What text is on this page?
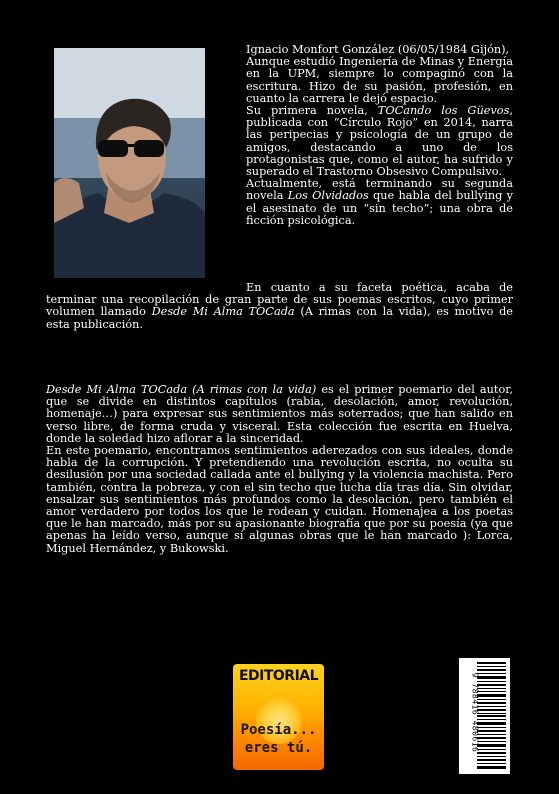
Ignacio Monfort González (06/05/1984 Gijón),

Aunque estudió Ingeniería de Minas y Energía en la UPM, siempre lo compaginó con la escritura. Hizo de su pasión, profesión, en cuanto la carrera le dejó espacio.

Su primera novela, TOCando los Güevos, publicada con “Círculo Rojo” en 2014, narra las peripecias y psicología de un grupo de amigos, destacando a uno de los protagonistas que, como el autor, ha sufrido y superado el Trastorno Obsesivo Compulsivo.

Actualmente, está terminando su segunda novela Los Olvidados que habla del bullying y el asesinato de un “sin techo”; una obra de ficción psicológica.

En cuanto a su faceta poética, acaba de terminar una recopilación de gran parte de sus poemas escritos, cuyo primer volumen llamado Desde Mi Alma TOCada (A rimas con la vida), es motivo de esta publicación.

Desde Mi Alma TOCada (A rimas con la vida) es el primer poemario del autor, que se divide en distintos capítulos (rabia, desolación, amor, revolución, homenaje…) para expresar sus sentimientos más soterrados; que han salido en verso libre, de forma cruda y visceral. Esta colección fue escrita en Huelva, donde la soledad hizo aflorar a la sinceridad.

En este poemario, encontramos sentimientos aderezados con sus ideales, donde habla de la corrupción. Y pretendiendo una revolución escrita, no oculta su desilusión por una sociedad callada ante el bullying y la violencia machista. Pero también, contra la pobreza, y con el sin techo que lucha día tras día. Sin olvidar, ensalzar sus sentimientos más profundos como la desolación, pero también el amor verdadero por todos los que le rodean y cuidan. Homenajea a los poetas que le han marcado, más por su apasionante biografía que por su poesía (ya que apenas ha leído verso, aunque sí algunas obras que le han marcado ): Lorca, Miguel Hernández, y Bukowski.

EDITORIAL
Poesía...
eres tú.	9 788416 480616
